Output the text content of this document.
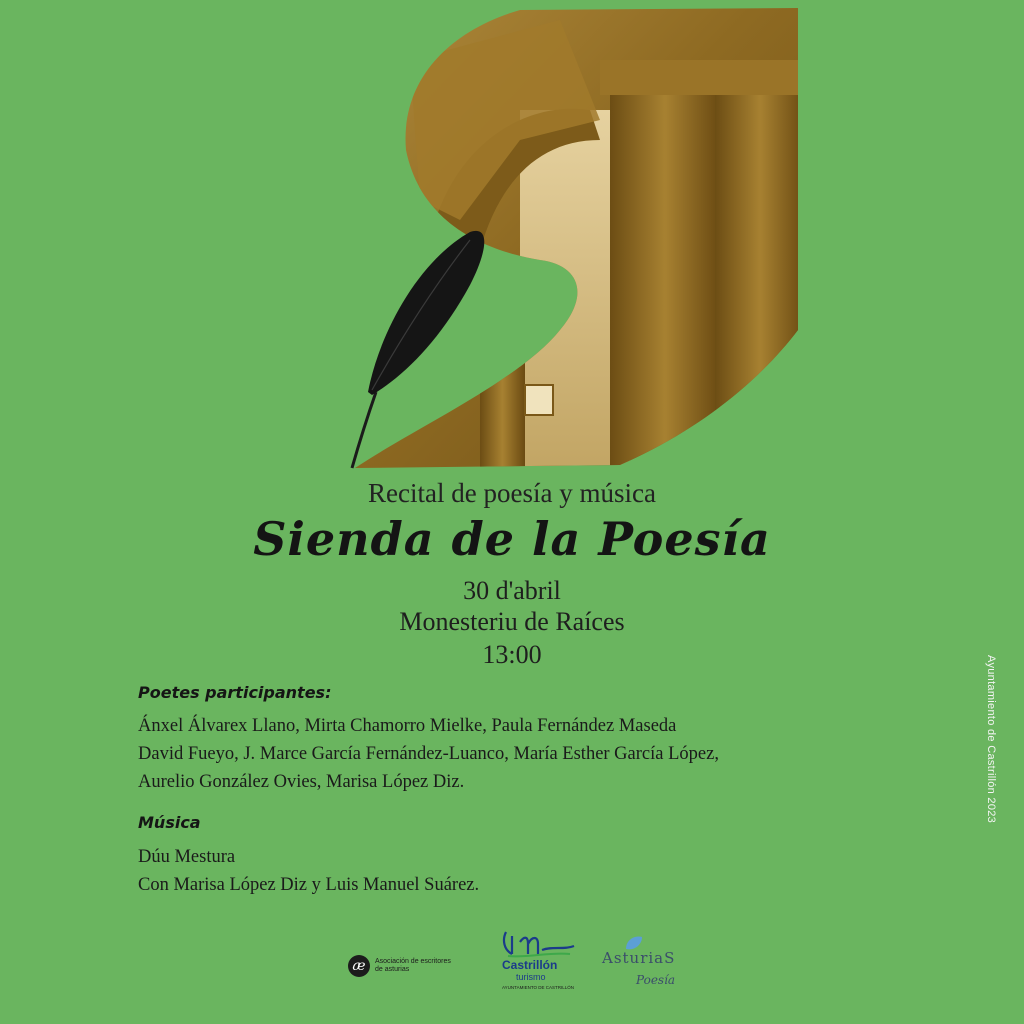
Recital de poesía y música
Sienda de la Poesía
30 d'abril
Monesteriu de Raíces
13:00
Poetes participantes:
Ánxel Álvarex Llano, Mirta Chamorro Mielke, Paula Fernández Maseda
David Fueyo, J. Marce García Fernández-Luanco, María Esther García López,
Aurelio González Ovies, Marisa López Diz.
Música
Dúu Mestura
Con Marisa López Diz y Luis Manuel Suárez.
Ayuntamiento de Castrillón 2023
æ	Asociación de escritores
de asturias	Castrillón
turismo
AYUNTAMIENTO DE CASTRILLÓN
AsturiaS
Poesía
